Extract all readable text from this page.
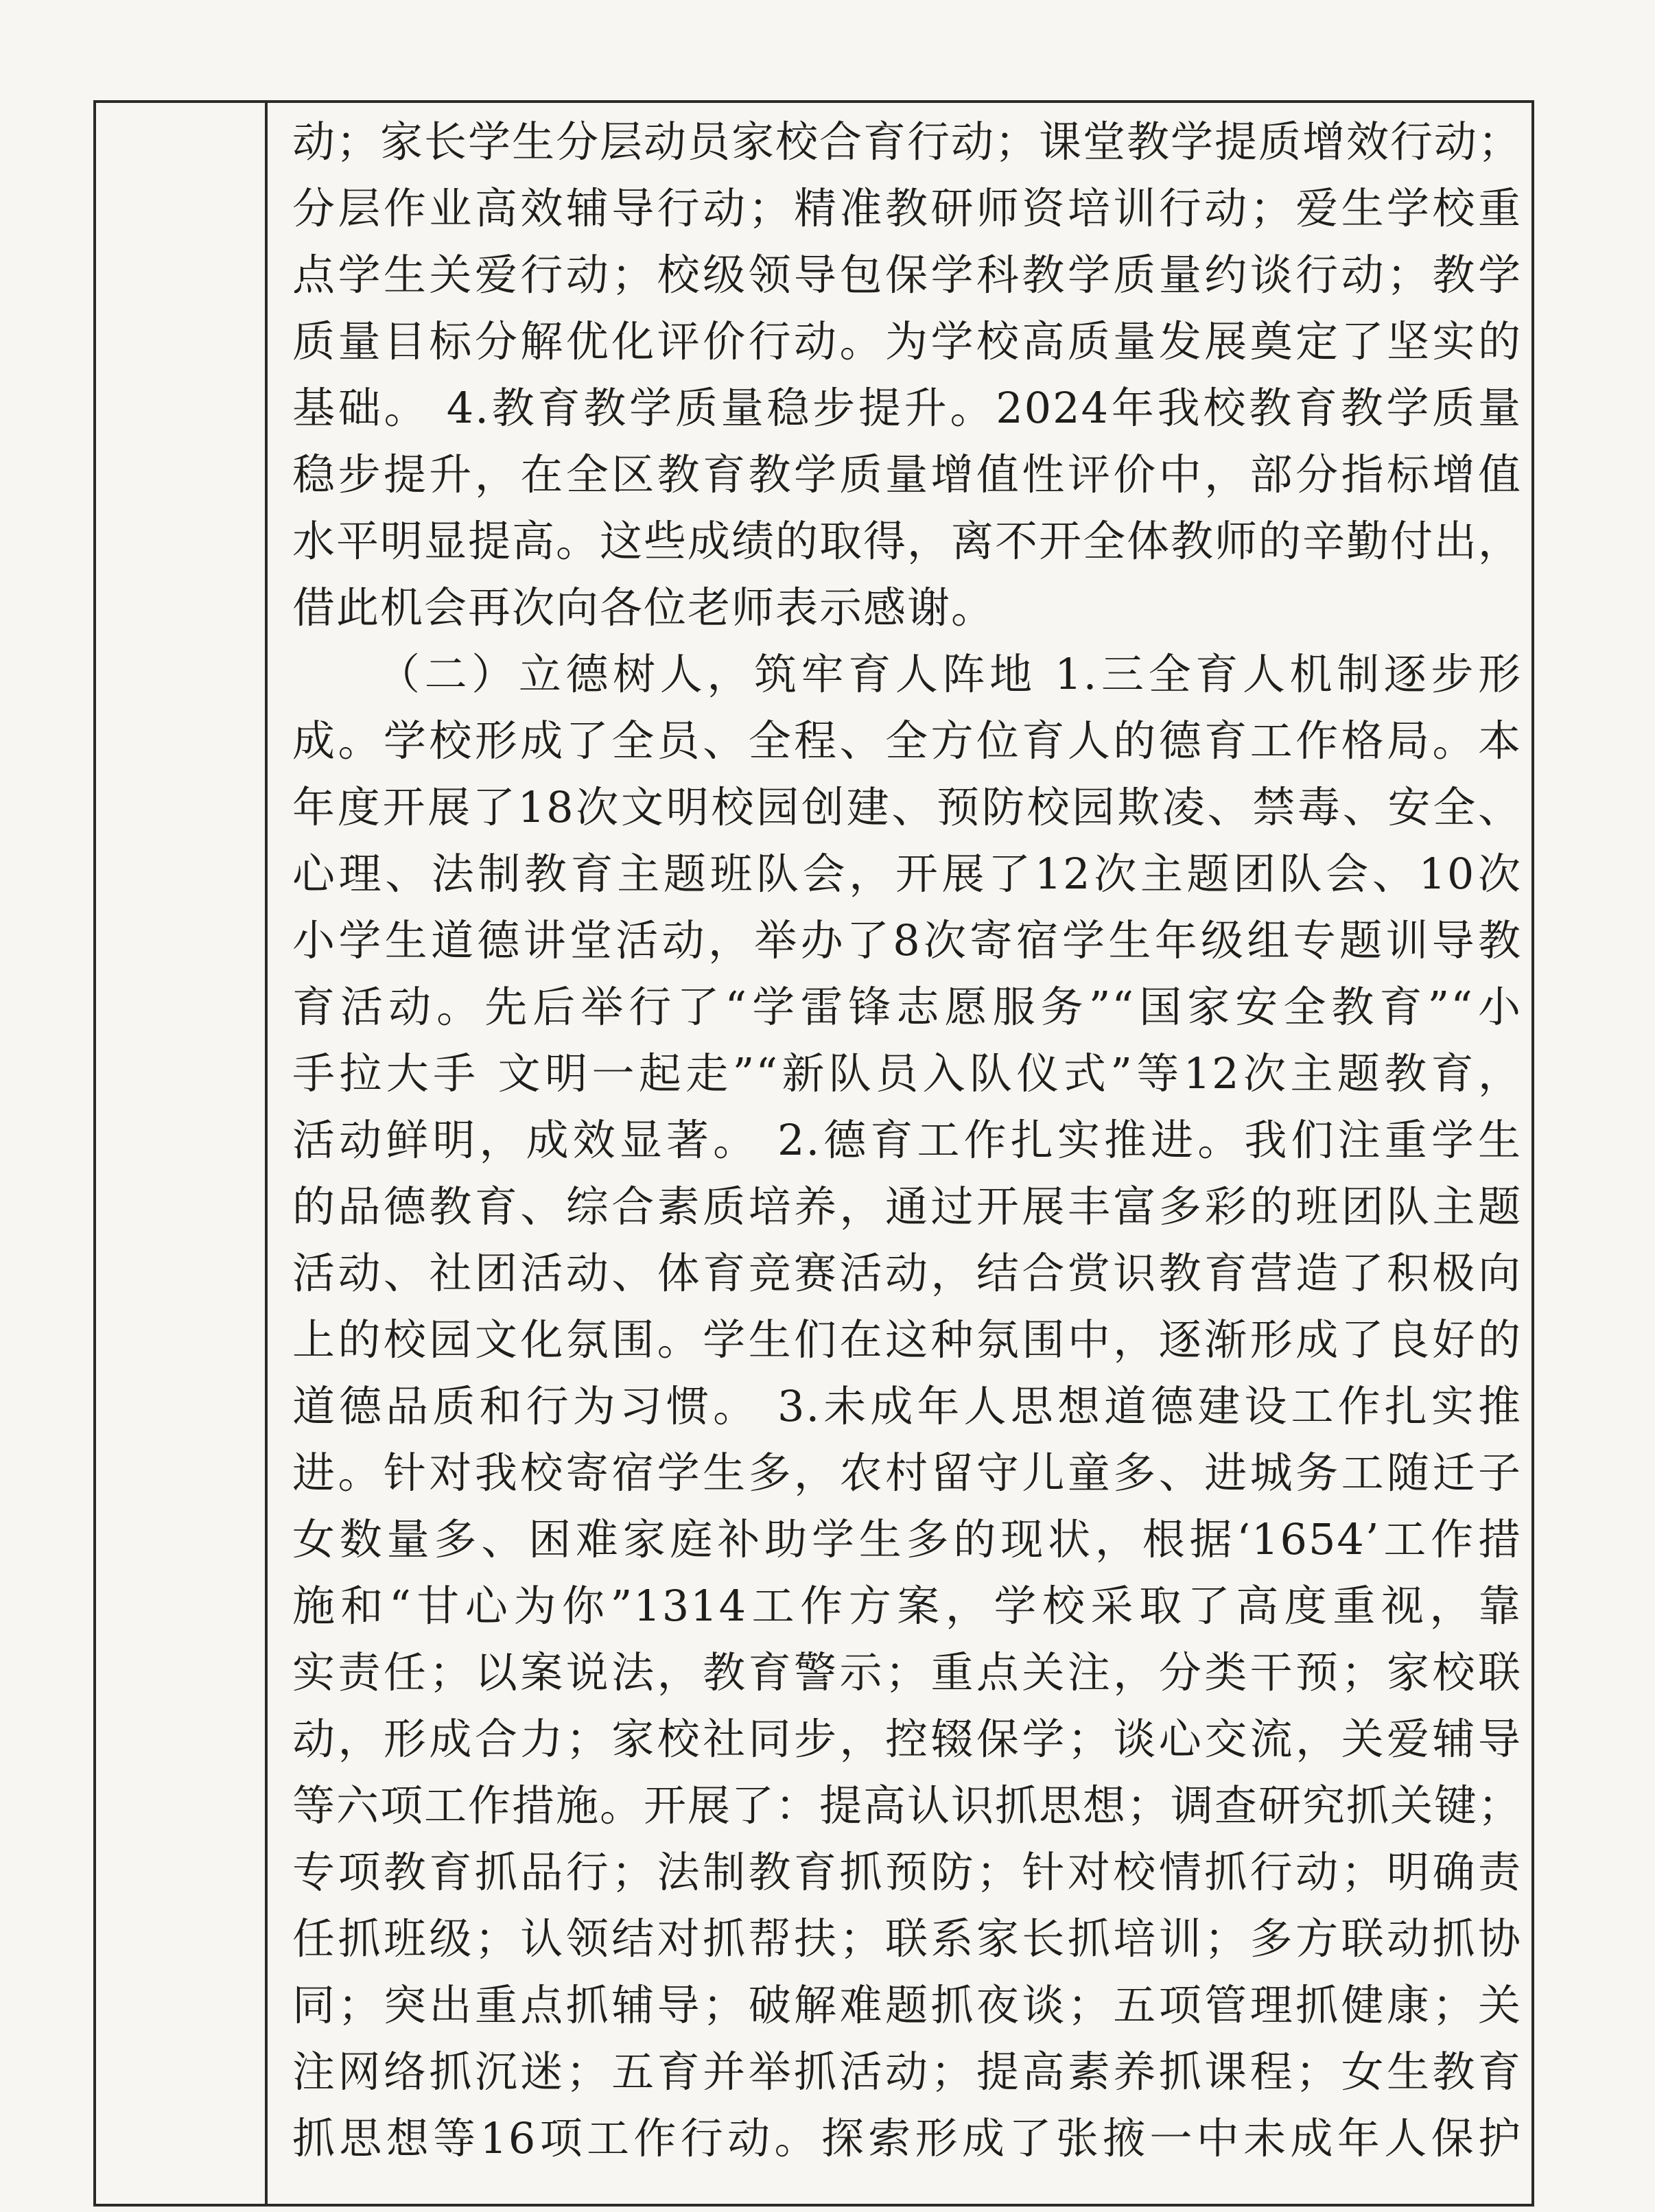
动；家长学生分层动员家校合育行动；课堂教学提质增效行动；
分层作业高效辅导行动；精准教研师资培训行动；爱生学校重
点学生关爱行动；校级领导包保学科教学质量约谈行动；教学
质量目标分解优化评价行动。为学校高质量发展奠定了坚实的
基础。 4.教育教学质量稳步提升。2024年我校教育教学质量
稳步提升，在全区教育教学质量增值性评价中，部分指标增值
水平明显提高。这些成绩的取得，离不开全体教师的辛勤付出，
借此机会再次向各位老师表示感谢。
（二）立德树人，筑牢育人阵地 1.三全育人机制逐步形
成。学校形成了全员、全程、全方位育人的德育工作格局。本
年度开展了18次文明校园创建、预防校园欺凌、禁毒、安全、
心理、法制教育主题班队会，开展了12次主题团队会、10次
小学生道德讲堂活动，举办了8次寄宿学生年级组专题训导教
育活动。先后举行了“学雷锋志愿服务”“国家安全教育”“小
手拉大手 文明一起走”“新队员入队仪式”等12次主题教育，
活动鲜明，成效显著。 2.德育工作扎实推进。我们注重学生
的品德教育、综合素质培养，通过开展丰富多彩的班团队主题
活动、社团活动、体育竞赛活动，结合赏识教育营造了积极向
上的校园文化氛围。学生们在这种氛围中，逐渐形成了良好的
道德品质和行为习惯。 3.未成年人思想道德建设工作扎实推
进。针对我校寄宿学生多，农村留守儿童多、进城务工随迁子
女数量多、困难家庭补助学生多的现状，根据‘1654’工作措
施和“甘心为你”1314工作方案，学校采取了高度重视，靠
实责任；以案说法，教育警示；重点关注，分类干预；家校联
动，形成合力；家校社同步，控辍保学；谈心交流，关爱辅导
等六项工作措施。开展了：提高认识抓思想；调查研究抓关键；
专项教育抓品行；法制教育抓预防；针对校情抓行动；明确责
任抓班级；认领结对抓帮扶；联系家长抓培训；多方联动抓协
同；突出重点抓辅导；破解难题抓夜谈；五项管理抓健康；关
注网络抓沉迷；五育并举抓活动；提高素养抓课程；女生教育
抓思想等16项工作行动。探索形成了张掖一中未成年人保护
